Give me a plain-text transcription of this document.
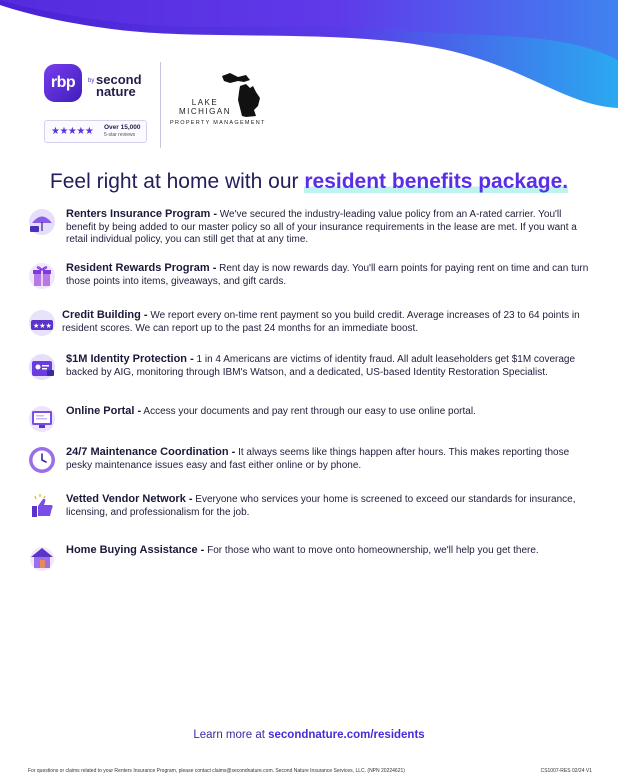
rbp	by second nature
★★★★★ Over 15,000
5-star reviews
LAKE MICHIGAN
PROPERTY MANAGEMENT
Feel right at home with our resident benefits package.
Renters Insurance Program - We've secured the industry-leading value policy from an A-rated carrier. You'll benefit by being added to our master policy so all of your insurance requirements in the lease are met. If you want a retail individual policy, you can still get that at any time.
Resident Rewards Program - Rent day is now rewards day. You'll earn points for paying rent on time and can turn those points into items, giveaways, and gift cards.
★★★
Credit Building - We report every on-time rent payment so you build credit. Average increases of 23 to 64 points in resident scores. We can report up to the past 24 months for an immediate boost.
$1M Identity Protection - 1 in 4 Americans are victims of identity fraud. All adult leaseholders get $1M coverage backed by AIG, monitoring through IBM's Watson, and a dedicated, US-based Identity Restoration Specialist.
Online Portal - Access your documents and pay rent through our easy to use online portal.
24/7 Maintenance Coordination - It always seems like things happen after hours. This makes reporting those pesky maintenance issues easy and fast either online or by phone.
Vetted Vendor Network - Everyone who services your home is screened to exceed our standards for insurance, licensing, and professionalism for the job.
Home Buying Assistance - For those who want to move onto homeownership, we'll help you get there.
Learn more at secondnature.com/residents
For questions or claims related to your Renters Insurance Program, please contact claims@secondnature.com. Second Nature Insurance Services, LLC. (NPN 20224621)	CS1007-RES 02/24 V1
